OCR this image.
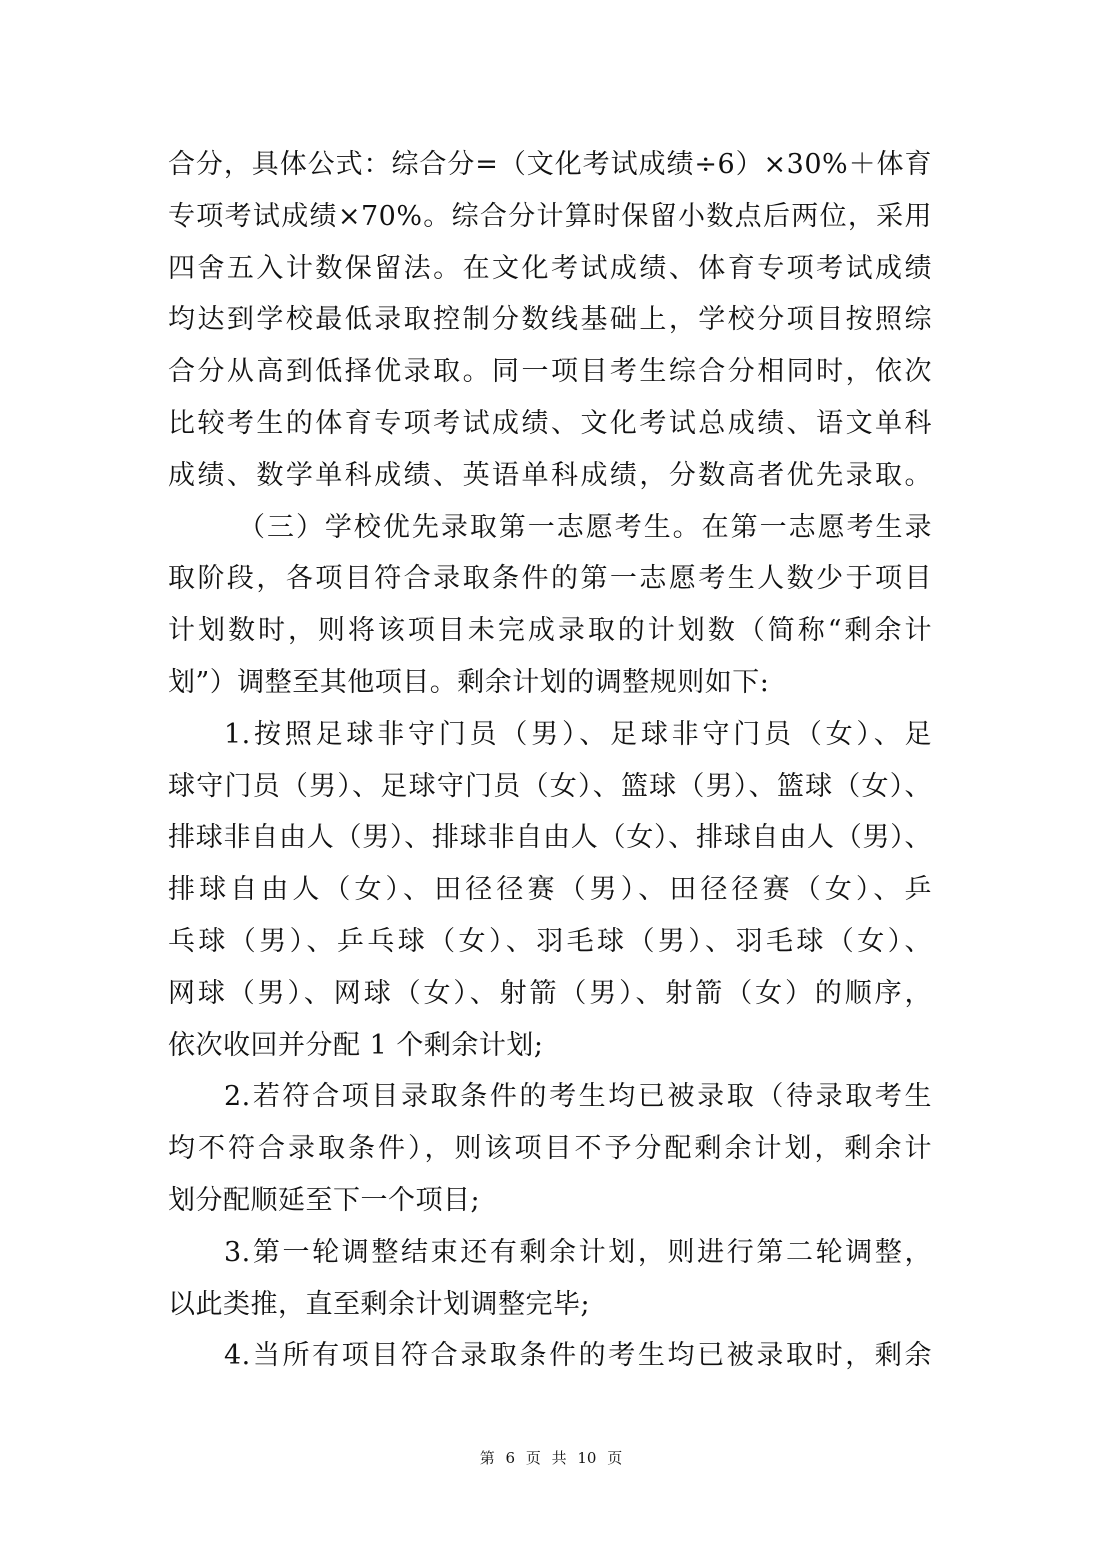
合分，具体公式：综合分=（文化考试成绩÷6）×30%＋体育
专项考试成绩×70%。综合分计算时保留小数点后两位，采用
四舍五入计数保留法。在文化考试成绩、体育专项考试成绩
均达到学校最低录取控制分数线基础上，学校分项目按照综
合分从高到低择优录取。同一项目考生综合分相同时，依次
比较考生的体育专项考试成绩、文化考试总成绩、语文单科
成绩、数学单科成绩、英语单科成绩，分数高者优先录取。
（三）学校优先录取第一志愿考生。在第一志愿考生录
取阶段，各项目符合录取条件的第一志愿考生人数少于项目
计划数时，则将该项目未完成录取的计划数（简称“剩余计
划”）调整至其他项目。剩余计划的调整规则如下:
1.按照足球非守门员（男）、足球非守门员（女）、足
球守门员（男）、足球守门员（女）、篮球（男）、篮球（女）、
排球非自由人（男）、排球非自由人（女）、排球自由人（男）、
排球自由人（女）、田径径赛（男）、田径径赛（女）、乒
乓球（男）、乒乓球（女）、羽毛球（男）、羽毛球（女）、
网球（男）、网球（女）、射箭（男）、射箭（女）的顺序，
依次收回并分配 1 个剩余计划;
2.若符合项目录取条件的考生均已被录取（待录取考生
均不符合录取条件），则该项目不予分配剩余计划，剩余计
划分配顺延至下一个项目;
3.第一轮调整结束还有剩余计划，则进行第二轮调整，
以此类推，直至剩余计划调整完毕;
4.当所有项目符合录取条件的考生均已被录取时，剩余
第 6 页 共 10 页
